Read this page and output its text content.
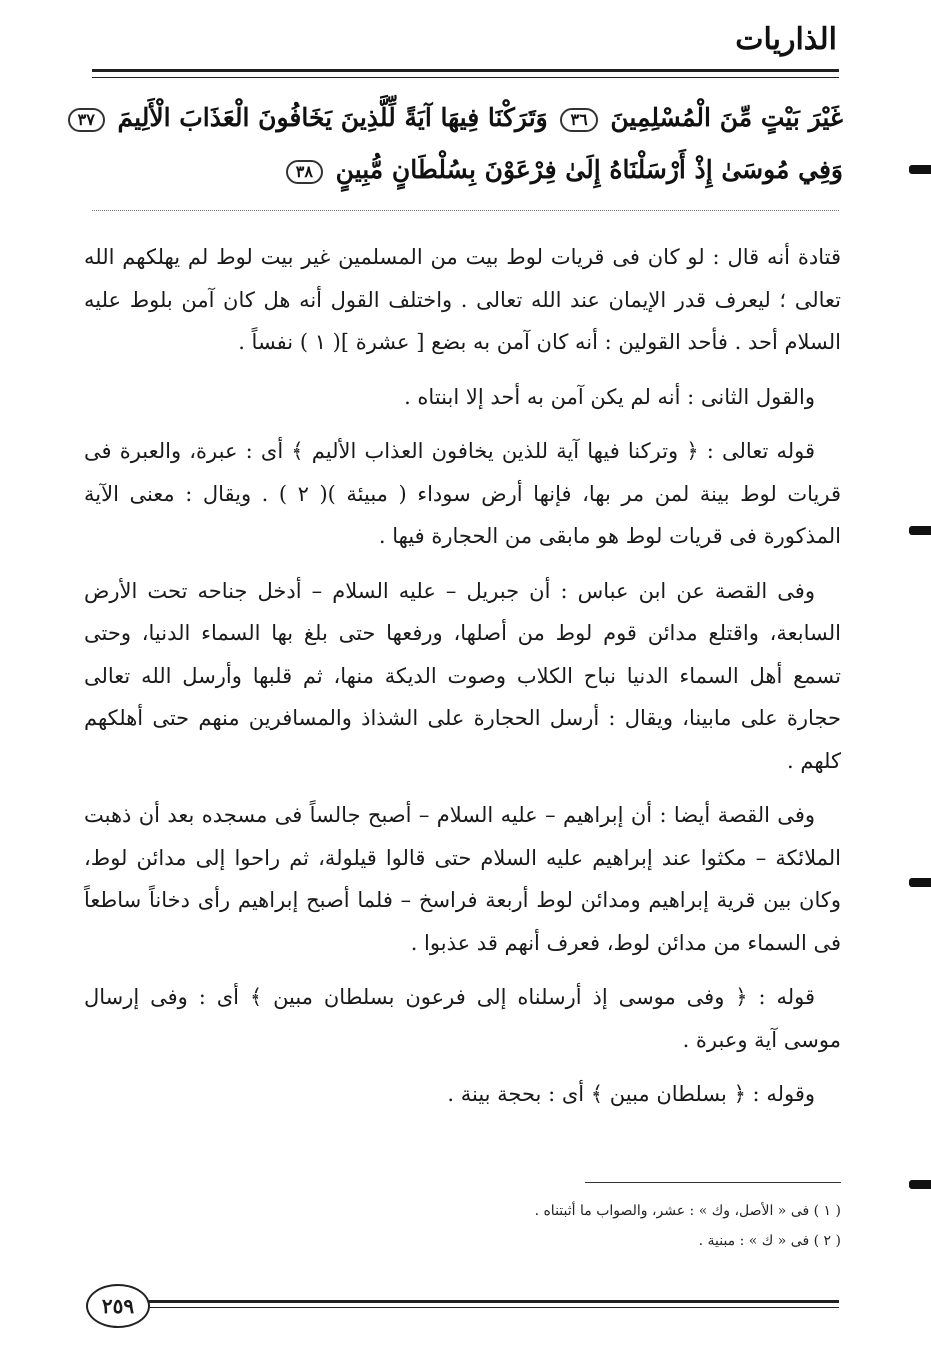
الذاريات
غَيْرَ بَيْتٍ مِّنَ الْمُسْلِمِينَ ٣٦ وَتَرَكْنَا فِيهَا آيَةً لِّلَّذِينَ يَخَافُونَ الْعَذَابَ الْأَلِيمَ ٣٧
وَفِي مُوسَىٰ إِذْ أَرْسَلْنَاهُ إِلَىٰ فِرْعَوْنَ بِسُلْطَانٍ مُّبِينٍ ٣٨

قتادة أنه قال : لو كان فى قريات لوط بيت من المسلمين غير بيت لوط لم يهلكهم الله تعالى ؛ ليعرف قدر الإيمان عند الله تعالى . واختلف القول أنه هل كان آمن بلوط عليه السلام أحد . فأحد القولين : أنه كان آمن به بضع [ عشرة ]( ١ ) نفساً .

والقول الثانى : أنه لم يكن آمن به أحد إلا ابنتاه .

قوله تعالى : ﴿ وتركنا فيها آية للذين يخافون العذاب الأليم ﴾ أى : عبرة، والعبرة فى قريات لوط بينة لمن مر بها، فإنها أرض سوداء ( مبيئة )( ٢ ) . ويقال : معنى الآية المذكورة فى قريات لوط هو مابقى من الحجارة فيها .

وفى القصة عن ابن عباس : أن جبريل – عليه السلام – أدخل جناحه تحت الأرض السابعة، واقتلع مدائن قوم لوط من أصلها، ورفعها حتى بلغ بها السماء الدنيا، وحتى تسمع أهل السماء الدنيا نباح الكلاب وصوت الديكة منها، ثم قلبها وأرسل الله تعالى حجارة على مابينا، ويقال : أرسل الحجارة على الشذاذ والمسافرين منهم حتى أهلكهم كلهم .

وفى القصة أيضا : أن إبراهيم – عليه السلام – أصبح جالساً فى مسجده بعد أن ذهبت الملائكة – مكثوا عند إبراهيم عليه السلام حتى قالوا قيلولة، ثم راحوا إلى مدائن لوط، وكان بين قرية إبراهيم ومدائن لوط أربعة فراسخ – فلما أصبح إبراهيم رأى دخاناً ساطعاً فى السماء من مدائن لوط، فعرف أنهم قد عذبوا .

قوله : ﴿ وفى موسى إذ أرسلناه إلى فرعون بسلطان مبين ﴾ أى : وفى إرسال موسى آية وعبرة .

وقوله : ﴿ بسلطان مبين ﴾ أى : بحجة بينة .

( ١ ) فى « الأصل، وك » : عشر، والصواب ما أثبتناه .
( ٢ ) فى « ك » : مبنية .
٢٥٩
